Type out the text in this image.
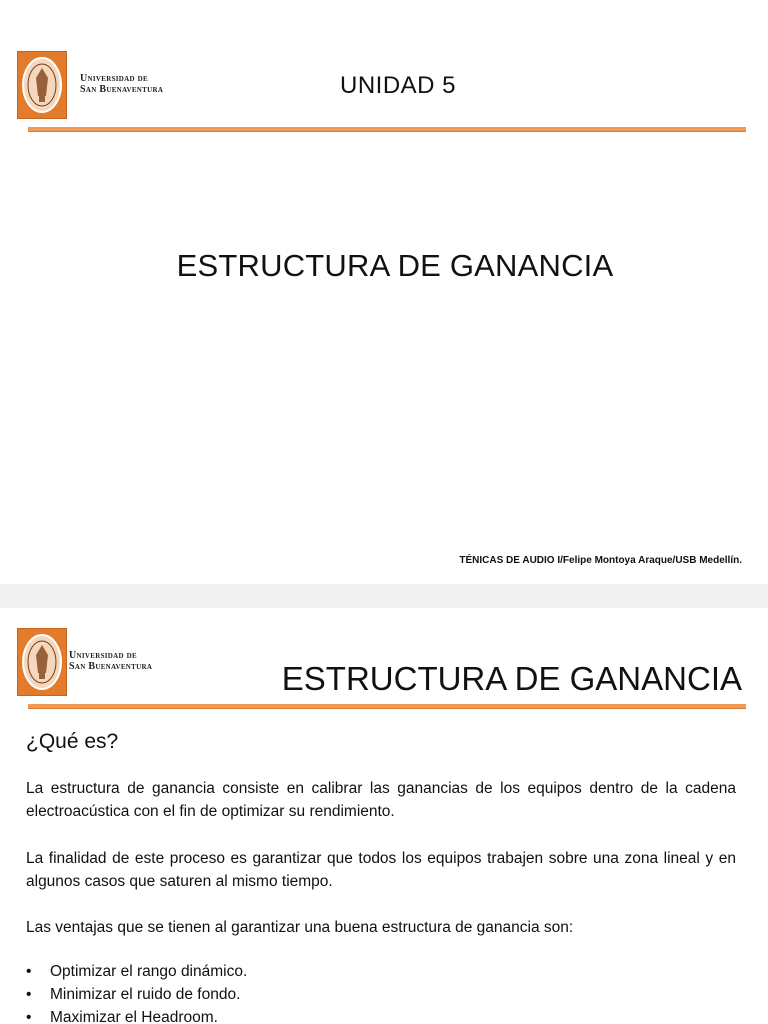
Universidad de
San Buenaventura	UNIDAD 5
ESTRUCTURA DE GANANCIA
TÉNICAS DE AUDIO I/Felipe Montoya Araque/USB Medellín.
Universidad de
San Buenaventura	ESTRUCTURA DE GANANCIA
¿Qué es?
La estructura de ganancia consiste en calibrar las ganancias de los equipos dentro de la cadena electroacústica con el fin de optimizar su rendimiento.
La finalidad de este proceso es garantizar que todos los equipos trabajen sobre una zona lineal y en algunos casos que saturen al mismo tiempo.
Las ventajas que se tienen al garantizar una buena estructura de ganancia son:
• Optimizar el rango dinámico.
• Minimizar el ruido de fondo.
• Maximizar el Headroom.
